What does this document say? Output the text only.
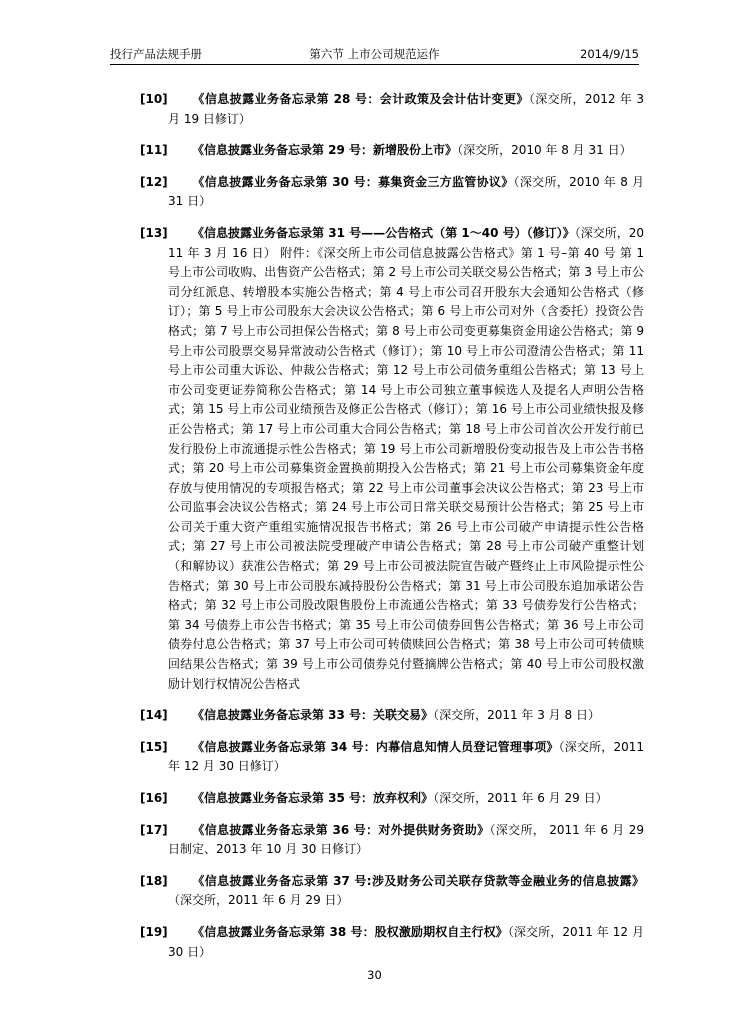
投行产品法规手册	第六节 上市公司规范运作	2014/9/15
[10]	《信息披露业务备忘录第 28 号：会计政策及会计估计变更》（深交所，2012 年 3 月 19 日修订）
[11]	《信息披露业务备忘录第 29 号：新增股份上市》（深交所，2010 年 8 月 31 日）
[12]	《信息披露业务备忘录第 30 号：募集资金三方监管协议》（深交所，2010 年 8 月 31 日）
[13]	《信息披露业务备忘录第 31 号——公告格式（第 1～40 号）（修订）》（深交所，2011 年 3 月 16 日） 附件：《深交所上市公司信息披露公告格式》第 1 号–第 40 号 第 1 号上市公司收购、出售资产公告格式；第 2 号上市公司关联交易公告格式；第 3 号上市公司分红派息、转增股本实施公告格式；第 4 号上市公司召开股东大会通知公告格式（修订）；第 5 号上市公司股东大会决议公告格式；第 6 号上市公司对外（含委托）投资公告格式；第 7 号上市公司担保公告格式；第 8 号上市公司变更募集资金用途公告格式；第 9 号上市公司股票交易异常波动公告格式（修订）；第 10 号上市公司澄清公告格式；第 11 号上市公司重大诉讼、仲裁公告格式；第 12 号上市公司债务重组公告格式；第 13 号上市公司变更证券简称公告格式；第 14 号上市公司独立董事候选人及提名人声明公告格式；第 15 号上市公司业绩预告及修正公告格式（修订）；第 16 号上市公司业绩快报及修正公告格式；第 17 号上市公司重大合同公告格式；第 18 号上市公司首次公开发行前已发行股份上市流通提示性公告格式；第 19 号上市公司新增股份变动报告及上市公告书格式；第 20 号上市公司募集资金置换前期投入公告格式；第 21 号上市公司募集资金年度存放与使用情况的专项报告格式；第 22 号上市公司董事会决议公告格式；第 23 号上市公司监事会决议公告格式；第 24 号上市公司日常关联交易预计公告格式；第 25 号上市公司关于重大资产重组实施情况报告书格式；第 26 号上市公司破产申请提示性公告格式；第 27 号上市公司被法院受理破产申请公告格式；第 28 号上市公司破产重整计划（和解协议）获准公告格式；第 29 号上市公司被法院宣告破产暨终止上市风险提示性公告格式；第 30 号上市公司股东减持股份公告格式；第 31 号上市公司股东追加承诺公告格式；第 32 号上市公司股改限售股份上市流通公告格式；第 33 号债券发行公告格式；第 34 号债券上市公告书格式；第 35 号上市公司债券回售公告格式；第 36 号上市公司债券付息公告格式；第 37 号上市公司可转债赎回公告格式；第 38 号上市公司可转债赎回结果公告格式；第 39 号上市公司债券兑付暨摘牌公告格式；第 40 号上市公司股权激励计划行权情况公告格式
[14]	《信息披露业务备忘录第 33 号：关联交易》（深交所，2011 年 3 月 8 日）
[15]	《信息披露业务备忘录第 34 号：内幕信息知情人员登记管理事项》（深交所，2011 年 12 月 30 日修订）
[16]	《信息披露业务备忘录第 35 号：放弃权利》（深交所，2011 年 6 月 29 日）
[17]	《信息披露业务备忘录第 36 号：对外提供财务资助》（深交所， 2011 年 6 月 29 日制定、2013 年 10 月 30 日修订）
[18]	《信息披露业务备忘录第 37 号:涉及财务公司关联存贷款等金融业务的信息披露》（深交所，2011 年 6 月 29 日）
[19]	《信息披露业务备忘录第 38 号：股权激励期权自主行权》（深交所，2011 年 12 月 30 日）
30
